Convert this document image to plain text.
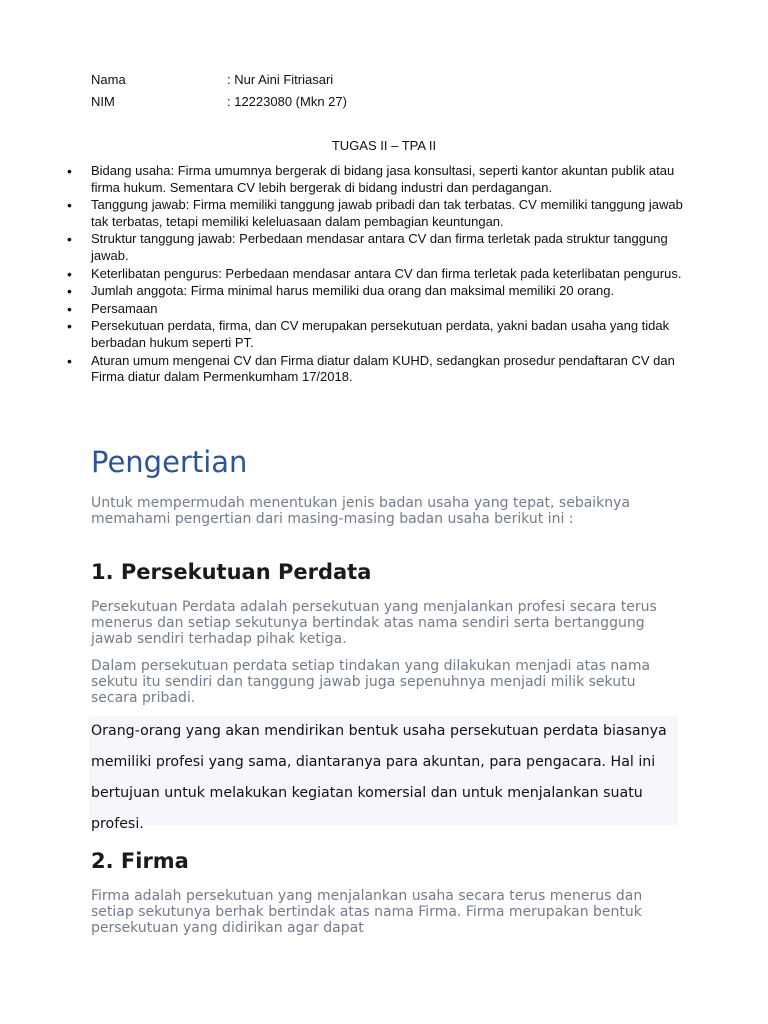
Nama	: Nur Aini Fitriasari
NIM	: 12223080 (Mkn 27)
TUGAS II – TPA II
• Bidang usaha: Firma umumnya bergerak di bidang jasa konsultasi, seperti kantor akuntan publik atau firma hukum. Sementara CV lebih bergerak di bidang industri dan perdagangan.
• Tanggung jawab: Firma memiliki tanggung jawab pribadi dan tak terbatas. CV memiliki tanggung jawab tak terbatas, tetapi memiliki keleluasaan dalam pembagian keuntungan.
• Struktur tanggung jawab: Perbedaan mendasar antara CV dan firma terletak pada struktur tanggung jawab.
• Keterlibatan pengurus: Perbedaan mendasar antara CV dan firma terletak pada keterlibatan pengurus.
• Jumlah anggota: Firma minimal harus memiliki dua orang dan maksimal memiliki 20 orang.
• Persamaan
• Persekutuan perdata, firma, dan CV merupakan persekutuan perdata, yakni badan usaha yang tidak berbadan hukum seperti PT.
• Aturan umum mengenai CV dan Firma diatur dalam KUHD, sedangkan prosedur pendaftaran CV dan Firma diatur dalam Permenkumham 17/2018.
Pengertian

Untuk mempermudah menentukan jenis badan usaha yang tepat, sebaiknya memahami pengertian dari masing-masing badan usaha berikut ini :

1. Persekutuan Perdata

Persekutuan Perdata adalah persekutuan yang menjalankan profesi secara terus menerus dan setiap sekutunya bertindak atas nama sendiri serta bertanggung jawab sendiri terhadap pihak ketiga.

Dalam persekutuan perdata setiap tindakan yang dilakukan menjadi atas nama sekutu itu sendiri dan tanggung jawab juga sepenuhnya menjadi milik sekutu secara pribadi.

Orang-orang yang akan mendirikan bentuk usaha persekutuan perdata biasanya memiliki profesi yang sama, diantaranya para akuntan, para pengacara. Hal ini bertujuan untuk melakukan kegiatan komersial dan untuk menjalankan suatu profesi.

2. Firma

Firma adalah persekutuan yang menjalankan usaha secara terus menerus dan setiap sekutunya berhak bertindak atas nama Firma. Firma merupakan bentuk persekutuan yang didirikan agar dapat
